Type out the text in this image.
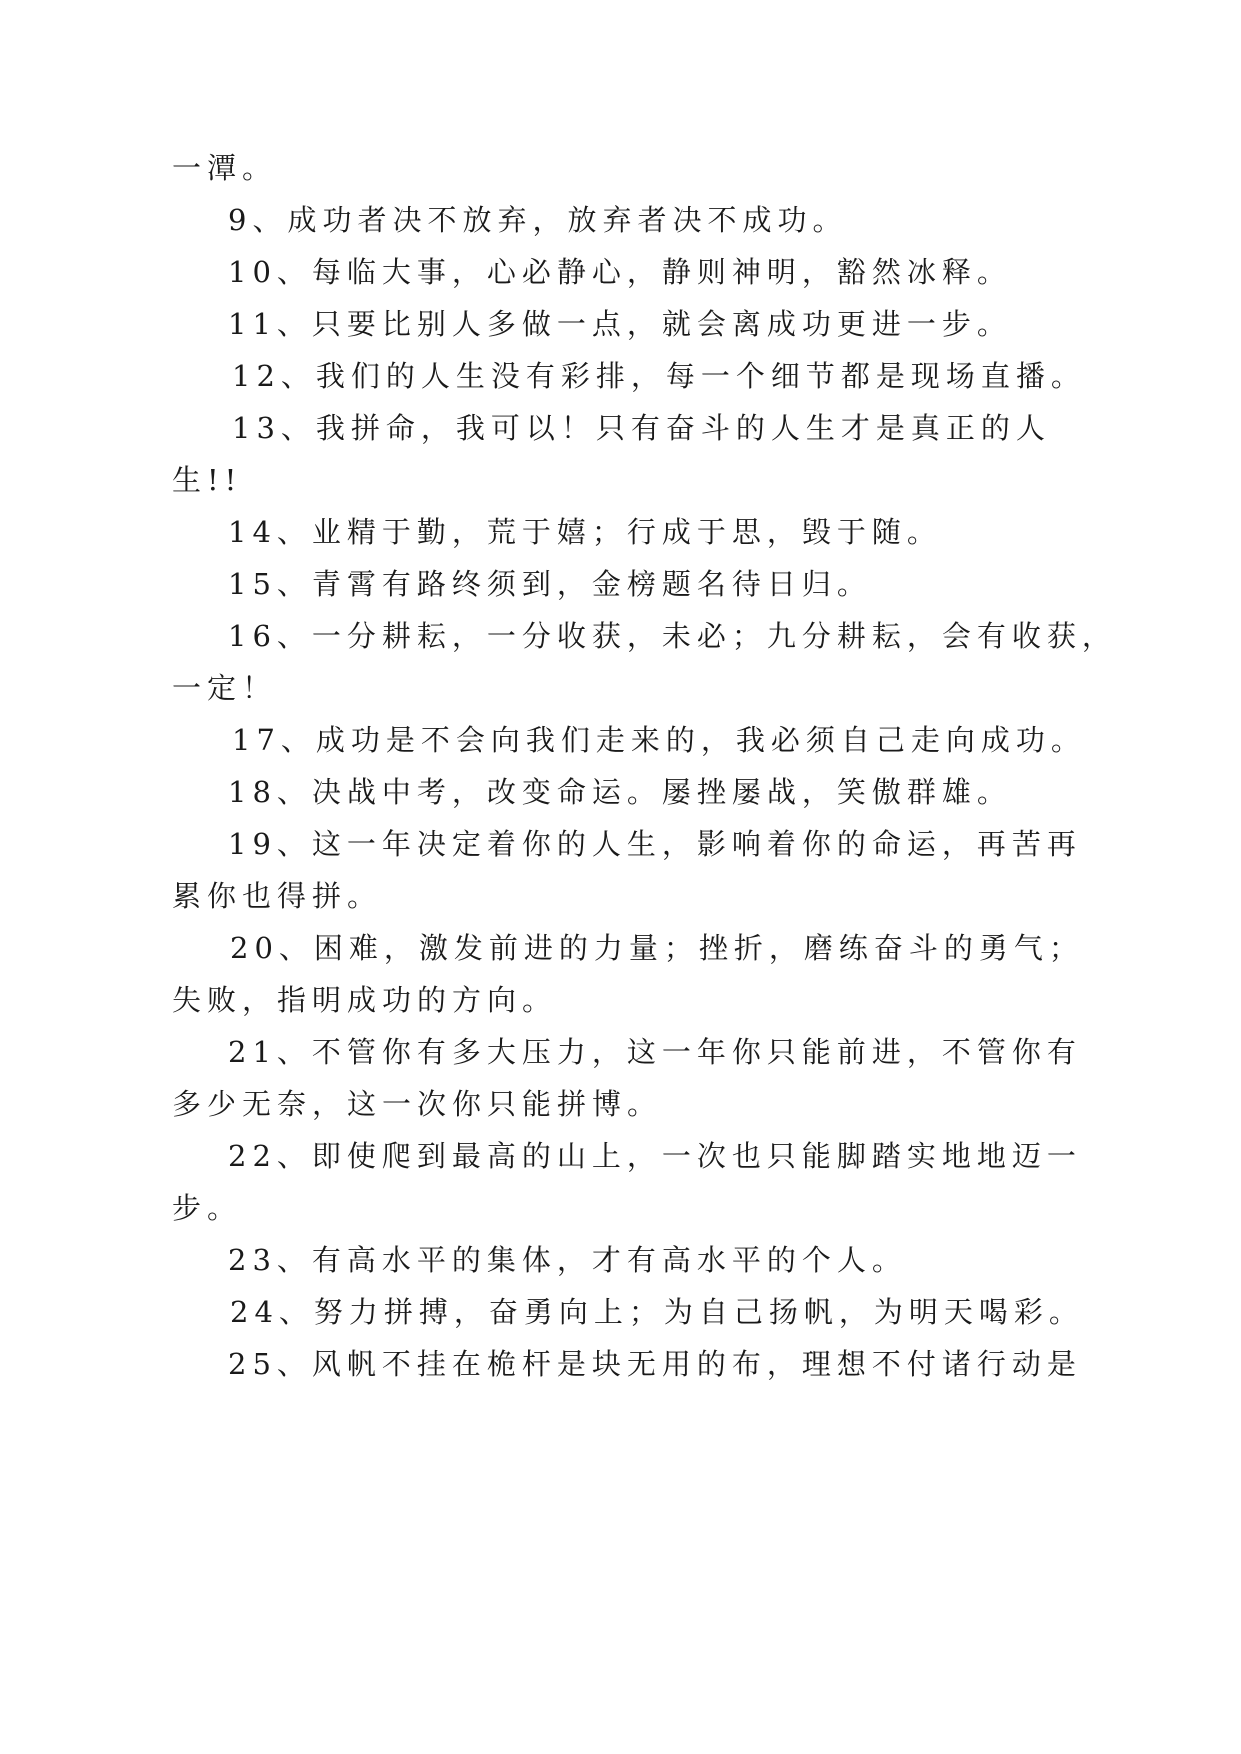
一潭。
9、成功者决不放弃，放弃者决不成功。
10、每临大事，心必静心，静则神明，豁然冰释。
11、只要比别人多做一点，就会离成功更进一步。
12、我们的人生没有彩排，每一个细节都是现场直播。
13、我拼命，我可以！只有奋斗的人生才是真正的人
生!!
14、业精于勤，荒于嬉；行成于思，毁于随。
15、青霄有路终须到，金榜题名待日归。
16、一分耕耘，一分收获，未必；九分耕耘，会有收获，
一定！
17、成功是不会向我们走来的，我必须自己走向成功。
18、决战中考，改变命运。屡挫屡战，笑傲群雄。
19、这一年决定着你的人生，影响着你的命运，再苦再
累你也得拼。
20、困难，激发前进的力量；挫折，磨练奋斗的勇气；
失败，指明成功的方向。
21、不管你有多大压力，这一年你只能前进，不管你有
多少无奈，这一次你只能拼博。
22、即使爬到最高的山上，一次也只能脚踏实地地迈一
步。
23、有高水平的集体，才有高水平的个人。
24、努力拼搏，奋勇向上；为自己扬帆，为明天喝彩。
25、风帆不挂在桅杆是块无用的布，理想不付诸行动是
